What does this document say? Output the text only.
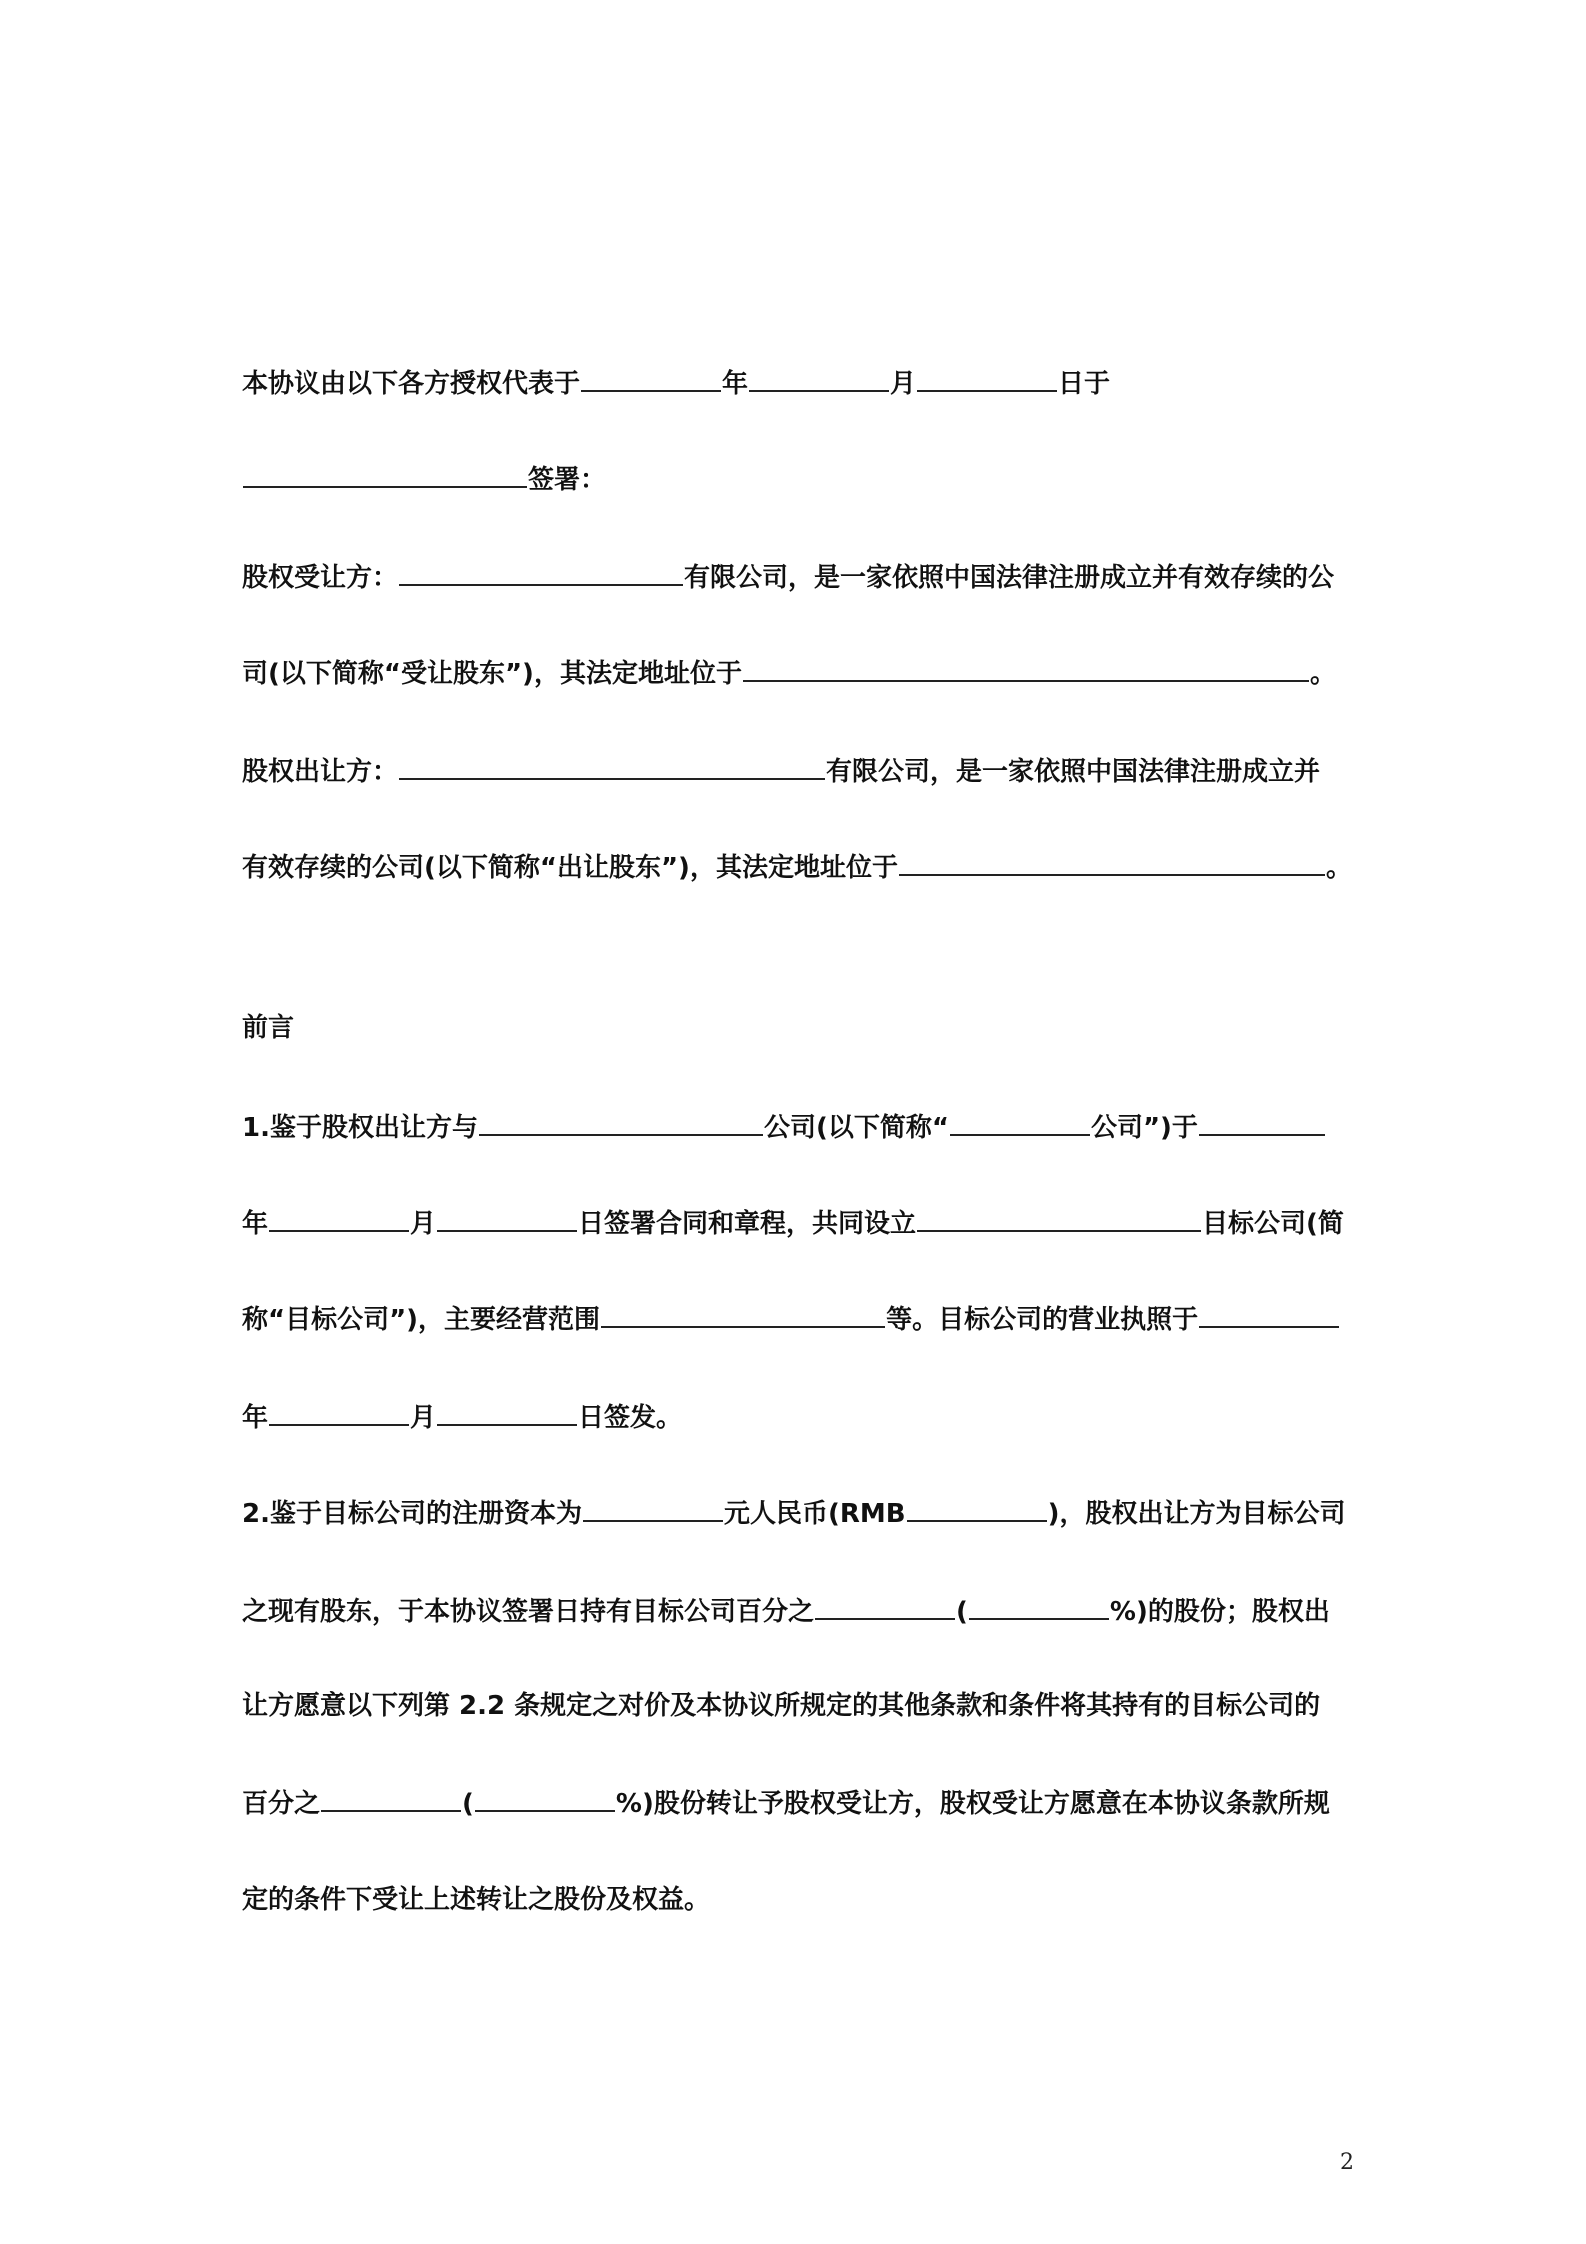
本协议由以下各方授权代表于	年	月	日于
签署：
股权受让方：	有限公司，是一家依照中国法律注册成立并有效存续的公
司(以下简称“受让股东”)，其法定地址位于	。
股权出让方：	有限公司，是一家依照中国法律注册成立并
有效存续的公司(以下简称“出让股东”)，其法定地址位于	。
前言
1.鉴于股权出让方与	公司(以下简称“	公司”)于
年	月	日签署合同和章程，共同设立	目标公司(简
称“目标公司”)，主要经营范围	等。目标公司的营业执照于
年	月	日签发。
2.鉴于目标公司的注册资本为	元人民币(RMB	)，股权出让方为目标公司
之现有股东，于本协议签署日持有目标公司百分之	(	%)的股份；股权出
让方愿意以下列第 2.2 条规定之对价及本协议所规定的其他条款和条件将其持有的目标公司的
百分之	(	%)股份转让予股权受让方，股权受让方愿意在本协议条款所规
定的条件下受让上述转让之股份及权益。
2
